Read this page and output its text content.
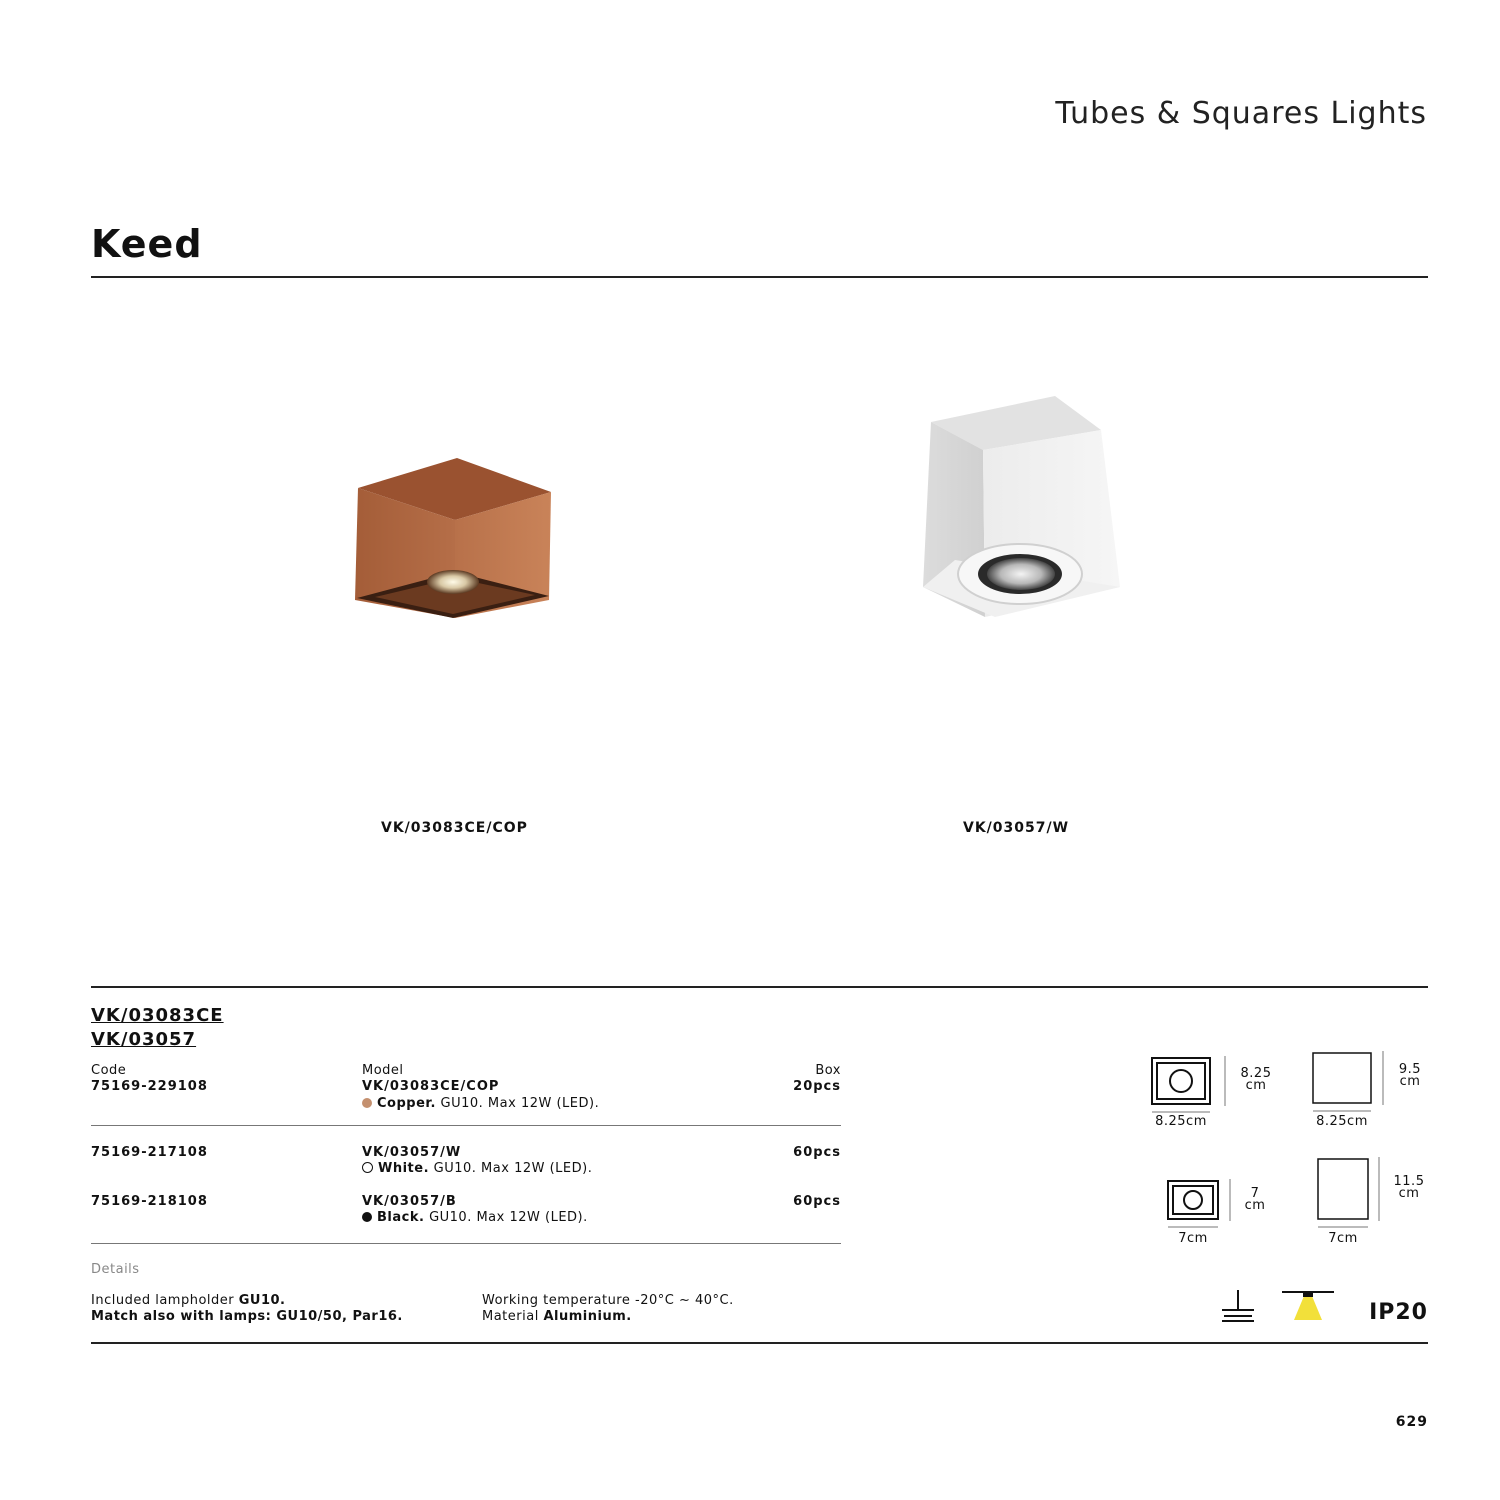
Tubes & Squares Lights
Keed
VK/03083CE/COP	VK/03057/W
VK/03083CE
VK/03057
Code	Model	Box
75169-229108	VK/03083CE/COP	20pcs
Copper. GU10. Max 12W (LED).
75169-217108	VK/03057/W	60pcs
White. GU10. Max 12W (LED).
75169-218108	VK/03057/B	60pcs
Black. GU10. Max 12W (LED).
Details
Included lampholder GU10.
Match also with lamps: GU10/50, Par16.
Working temperature -20°C ~ 40°C.
Material Aluminium.
8.25
cm
8.25cm
9.5
cm
8.25cm
7
cm
7cm
11.5
cm
7cm
IP20
629
